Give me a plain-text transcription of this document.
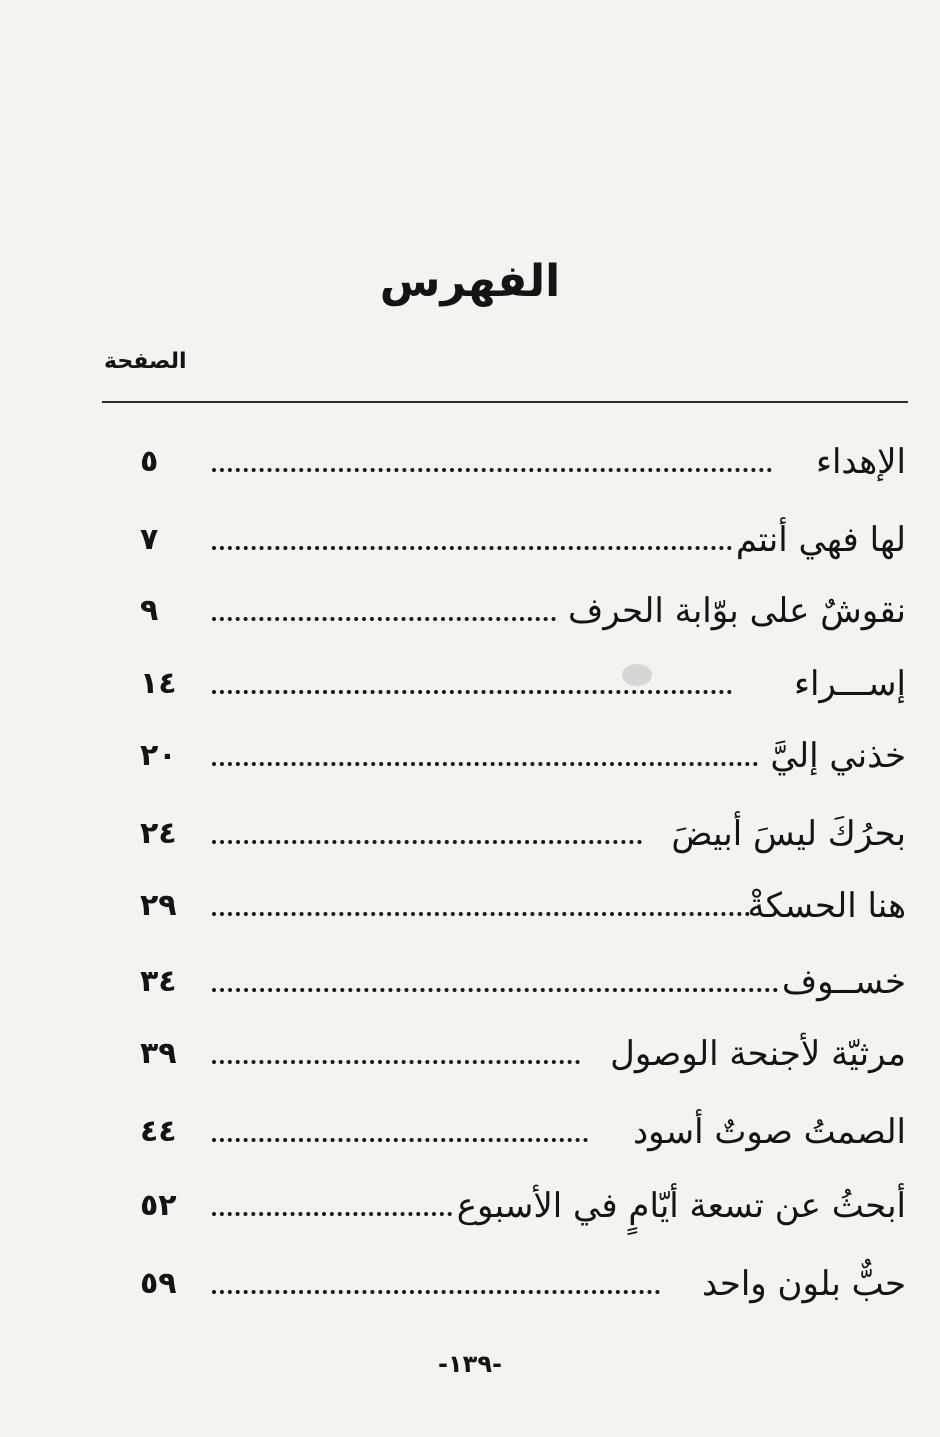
الفهرس
الصفحة
الإهداء
٥
لها فهي أنتم
٧
نقوشٌ على بوّابة الحرف
٩
إســـراء
١٤
خذني إليَّ
٢٠
بحرُكَ ليسَ أبيضَ
٢٤
هنا الحسكةْ
٢٩
خســوف
٣٤
مرثيّة لأجنحة الوصول
٣٩
الصمتُ صوتٌ أسود
٤٤
أبحثُ عن تسعة أيّامٍ في الأسبوع
٥٢
حبٌّ بلون واحد
٥٩
-١٣٩-
